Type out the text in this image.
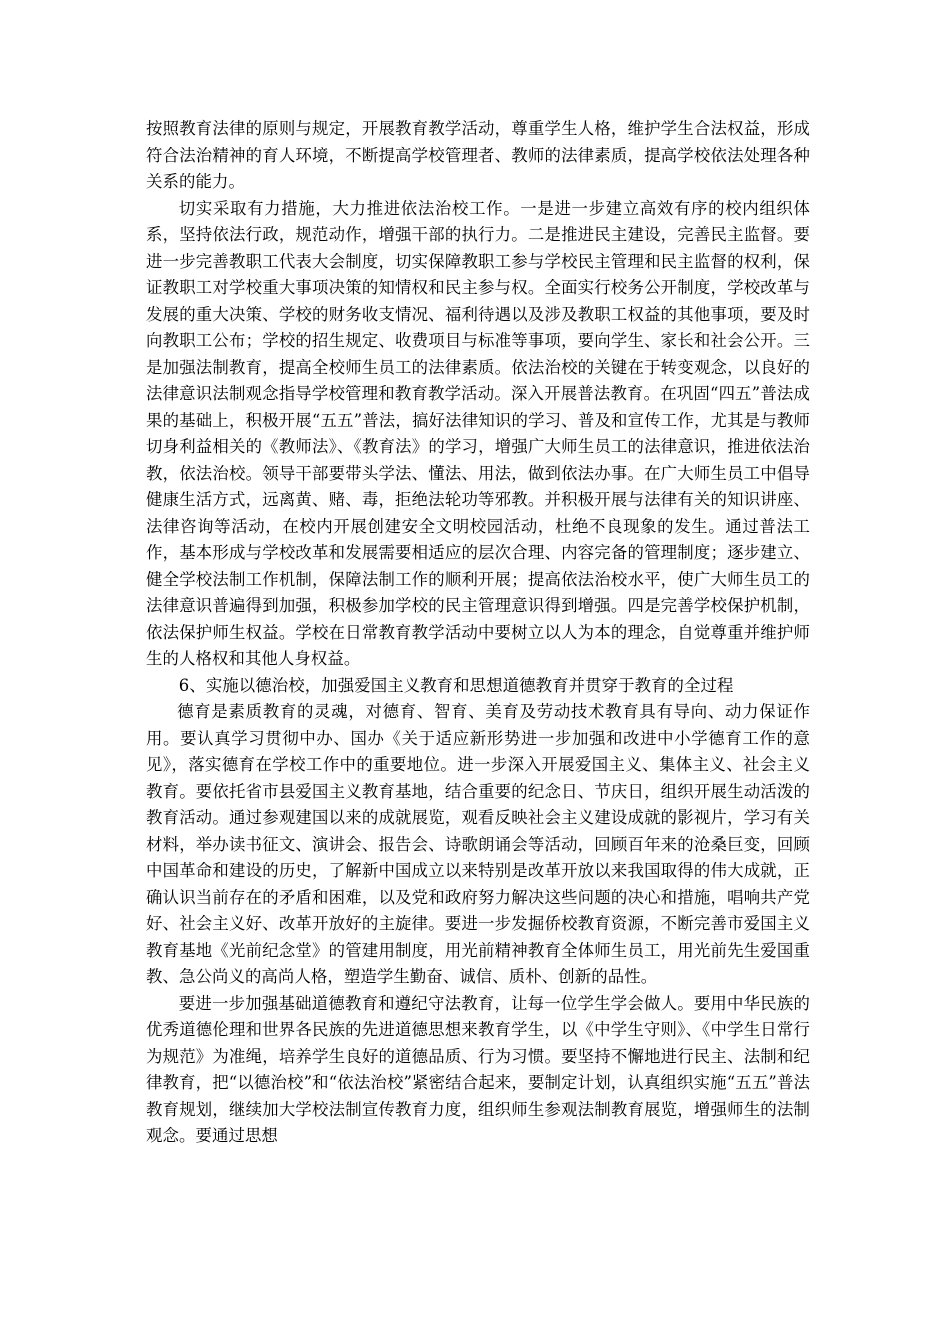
按照教育法律的原则与规定，开展教育教学活动，尊重学生人格，维护学生合法权益，形成符合法治精神的育人环境，不断提高学校管理者、教师的法律素质，提高学校依法处理各种关系的能力。

切实采取有力措施，大力推进依法治校工作。一是进一步建立高效有序的校内组织体系，坚持依法行政，规范动作，增强干部的执行力。二是推进民主建设，完善民主监督。要进一步完善教职工代表大会制度，切实保障教职工参与学校民主管理和民主监督的权利，保证教职工对学校重大事项决策的知情权和民主参与权。全面实行校务公开制度，学校改革与发展的重大决策、学校的财务收支情况、福利待遇以及涉及教职工权益的其他事项，要及时向教职工公布；学校的招生规定、收费项目与标准等事项，要向学生、家长和社会公开。三是加强法制教育，提高全校师生员工的法律素质。依法治校的关键在于转变观念，以良好的法律意识法制观念指导学校管理和教育教学活动。深入开展普法教育。在巩固“四五”普法成果的基础上，积极开展“五五”普法，搞好法律知识的学习、普及和宣传工作，尤其是与教师切身利益相关的《教师法》、《教育法》的学习，增强广大师生员工的法律意识，推进依法治教，依法治校。领导干部要带头学法、懂法、用法，做到依法办事。在广大师生员工中倡导健康生活方式，远离黄、赌、毒，拒绝法轮功等邪教。并积极开展与法律有关的知识讲座、法律咨询等活动，在校内开展创建安全文明校园活动，杜绝不良现象的发生。通过普法工作，基本形成与学校改革和发展需要相适应的层次合理、内容完备的管理制度；逐步建立、健全学校法制工作机制，保障法制工作的顺利开展；提高依法治校水平，使广大师生员工的法律意识普遍得到加强，积极参加学校的民主管理意识得到增强。四是完善学校保护机制，依法保护师生权益。学校在日常教育教学活动中要树立以人为本的理念，自觉尊重并维护师生的人格权和其他人身权益。

6、实施以德治校，加强爱国主义教育和思想道德教育并贯穿于教育的全过程

德育是素质教育的灵魂，对德育、智育、美育及劳动技术教育具有导向、动力保证作用。要认真学习贯彻中办、国办《关于适应新形势进一步加强和改进中小学德育工作的意见》，落实德育在学校工作中的重要地位。进一步深入开展爱国主义、集体主义、社会主义教育。要依托省市县爱国主义教育基地，结合重要的纪念日、节庆日，组织开展生动活泼的教育活动。通过参观建国以来的成就展览，观看反映社会主义建设成就的影视片，学习有关材料，举办读书征文、演讲会、报告会、诗歌朗诵会等活动，回顾百年来的沧桑巨变，回顾中国革命和建设的历史，了解新中国成立以来特别是改革开放以来我国取得的伟大成就，正确认识当前存在的矛盾和困难，以及党和政府努力解决这些问题的决心和措施，唱响共产党好、社会主义好、改革开放好的主旋律。要进一步发掘侨校教育资源，不断完善市爱国主义教育基地《光前纪念堂》的管建用制度，用光前精神教育全体师生员工，用光前先生爱国重教、急公尚义的高尚人格，塑造学生勤奋、诚信、质朴、创新的品性。

要进一步加强基础道德教育和遵纪守法教育，让每一位学生学会做人。要用中华民族的优秀道德伦理和世界各民族的先进道德思想来教育学生，以《中学生守则》、《中学生日常行为规范》为准绳，培养学生良好的道德品质、行为习惯。要坚持不懈地进行民主、法制和纪律教育，把“以德治校”和“依法治校”紧密结合起来，要制定计划，认真组织实施“五五”普法教育规划，继续加大学校法制宣传教育力度，组织师生参观法制教育展览，增强师生的法制观念。要通过思想
